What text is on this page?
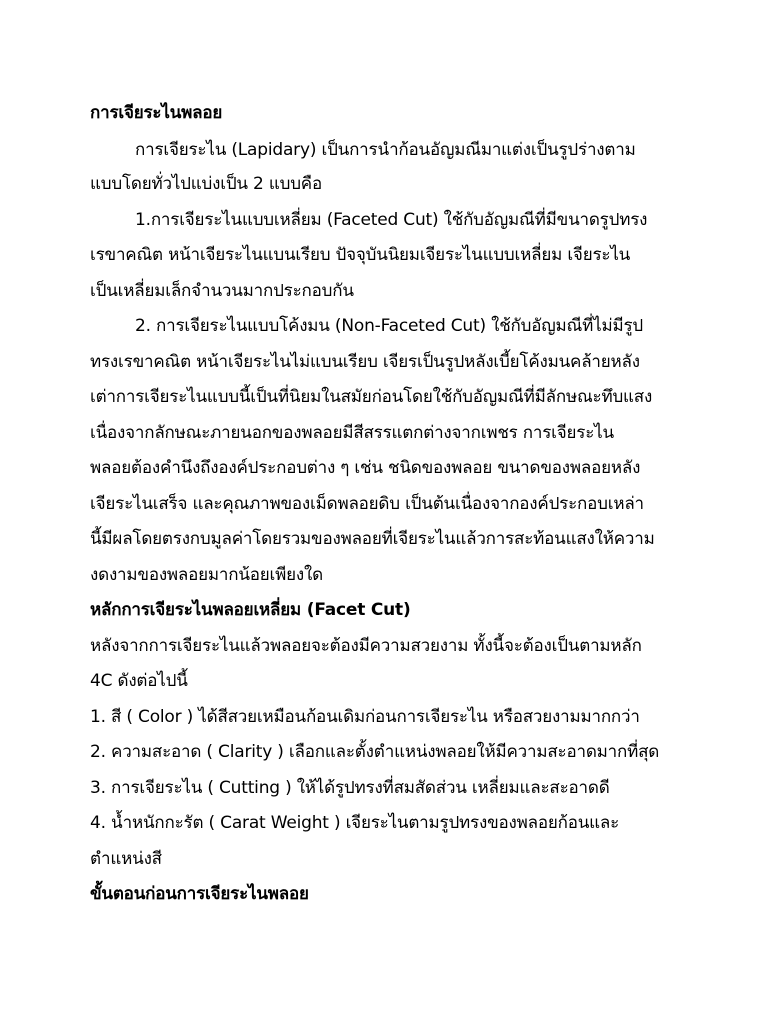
การเจียระไนพลอย
การเจียระไน (Lapidary) เป็นการนำก้อนอัญมณีมาแต่งเป็นรูปร่างตาม
แบบโดยทั่วไปแบ่งเป็น 2 แบบคือ
1.การเจียระไนแบบเหลี่ยม (Faceted Cut) ใช้กับอัญมณีที่มีขนาดรูปทรง
เรขาคณิต หน้าเจียระไนแบนเรียบ ปัจจุบันนิยมเจียระไนแบบเหลี่ยม เจียระไน
เป็นเหลี่ยมเล็กจำนวนมากประกอบกัน
2. การเจียระไนแบบโค้งมน (Non-Faceted Cut) ใช้กับอัญมณีที่ไม่มีรูป
ทรงเรขาคณิต หน้าเจียระไนไม่แบนเรียบ เจียรเป็นรูปหลังเบี้ยโค้งมนคล้ายหลัง
เต่าการเจียระไนแบบนี้เป็นที่นิยมในสมัยก่อนโดยใช้กับอัญมณีที่มีลักษณะทึบแสง
เนื่องจากลักษณะภายนอกของพลอยมีสีสรรแตกต่างจากเพชร การเจียระไน
พลอยต้องคำนึงถึงองค์ประกอบต่าง ๆ เช่น ชนิดของพลอย ขนาดของพลอยหลัง
เจียระไนเสร็จ และคุณภาพของเม็ดพลอยดิบ เป็นต้นเนื่องจากองค์ประกอบเหล่า
นี้มีผลโดยตรงกบมูลค่าโดยรวมของพลอยที่เจียระไนแล้วการสะท้อนแสงให้ความ
งดงามของพลอยมากน้อยเพียงใด
หลักการเจียระไนพลอยเหลี่ยม (Facet Cut)
หลังจากการเจียระไนแล้วพลอยจะต้องมีความสวยงาม ทั้งนี้จะต้องเป็นตามหลัก
4C ดังต่อไปนี้
1. สี ( Color ) ได้สีสวยเหมือนก้อนเดิมก่อนการเจียระไน หรือสวยงามมากกว่า
2. ความสะอาด ( Clarity ) เลือกและตั้งตำแหน่งพลอยให้มีความสะอาดมากที่สุด
3. การเจียระไน ( Cutting ) ให้ได้รูปทรงที่สมสัดส่วน เหลี่ยมและสะอาดดี
4. น้ำหนักกะรัต ( Carat Weight ) เจียระไนตามรูปทรงของพลอยก้อนและ
ตำแหน่งสี
ขั้นตอนก่อนการเจียระไนพลอย
